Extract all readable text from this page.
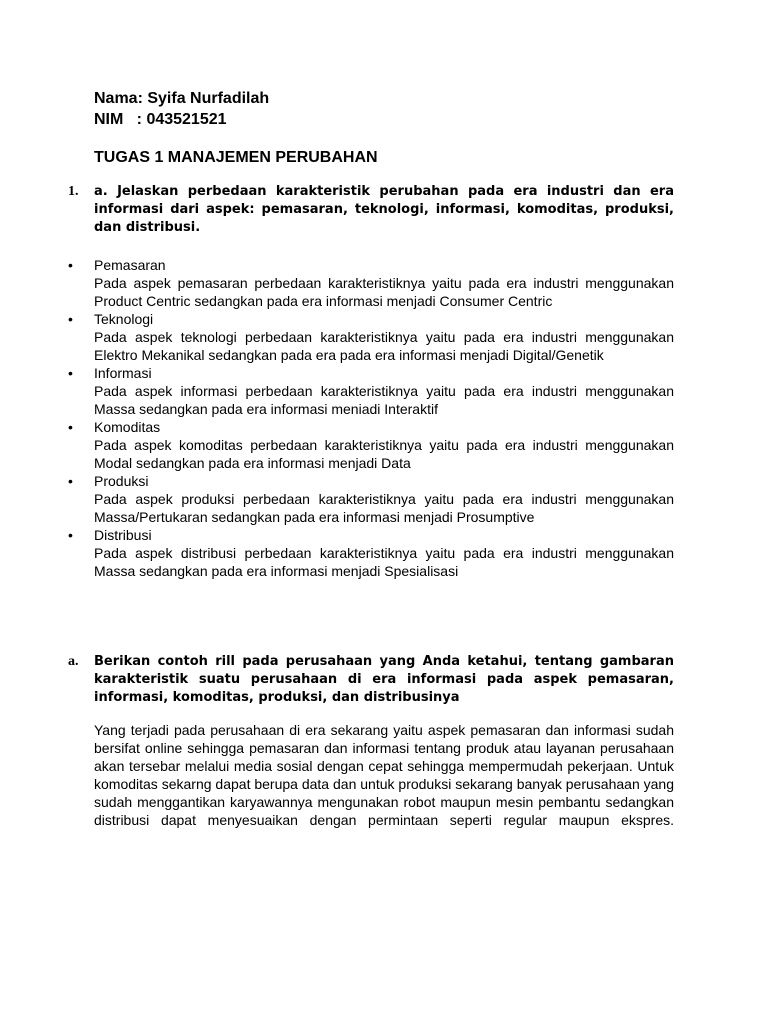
Nama: Syifa Nurfadilah
NIM   : 043521521
TUGAS 1 MANAJEMEN PERUBAHAN
1. a. Jelaskan perbedaan karakteristik perubahan pada era industri dan era informasi dari aspek: pemasaran, teknologi, informasi, komoditas, produksi, dan distribusi.
• Pemasaran
Pada aspek pemasaran perbedaan karakteristiknya yaitu pada era industri menggunakan Product Centric sedangkan pada era informasi menjadi Consumer Centric
• Teknologi
Pada aspek teknologi perbedaan karakteristiknya yaitu pada era industri menggunakan Elektro Mekanikal sedangkan pada era pada era informasi menjadi Digital/Genetik
• Informasi
Pada aspek informasi perbedaan karakteristiknya yaitu pada era industri menggunakan Massa sedangkan pada era informasi meniadi Interaktif
• Komoditas
Pada aspek komoditas perbedaan karakteristiknya yaitu pada era industri menggunakan Modal sedangkan pada era informasi menjadi Data
• Produksi
Pada aspek produksi perbedaan karakteristiknya yaitu pada era industri menggunakan Massa/Pertukaran sedangkan pada era informasi menjadi Prosumptive
• Distribusi
Pada aspek distribusi perbedaan karakteristiknya yaitu pada era industri menggunakan Massa sedangkan pada era informasi menjadi Spesialisasi
a. Berikan contoh rill pada perusahaan yang Anda ketahui, tentang gambaran karakteristik suatu perusahaan di era informasi pada aspek pemasaran, informasi, komoditas, produksi, dan distribusinya
Yang terjadi pada perusahaan di era sekarang yaitu aspek pemasaran dan informasi sudah bersifat online sehingga pemasaran dan informasi tentang produk atau layanan perusahaan akan tersebar melalui media sosial dengan cepat sehingga mempermudah pekerjaan. Untuk komoditas sekarng dapat berupa data dan untuk produksi sekarang banyak perusahaan yang sudah menggantikan karyawannya mengunakan robot maupun mesin pembantu sedangkan distribusi dapat menyesuaikan dengan permintaan seperti regular maupun ekspres.
